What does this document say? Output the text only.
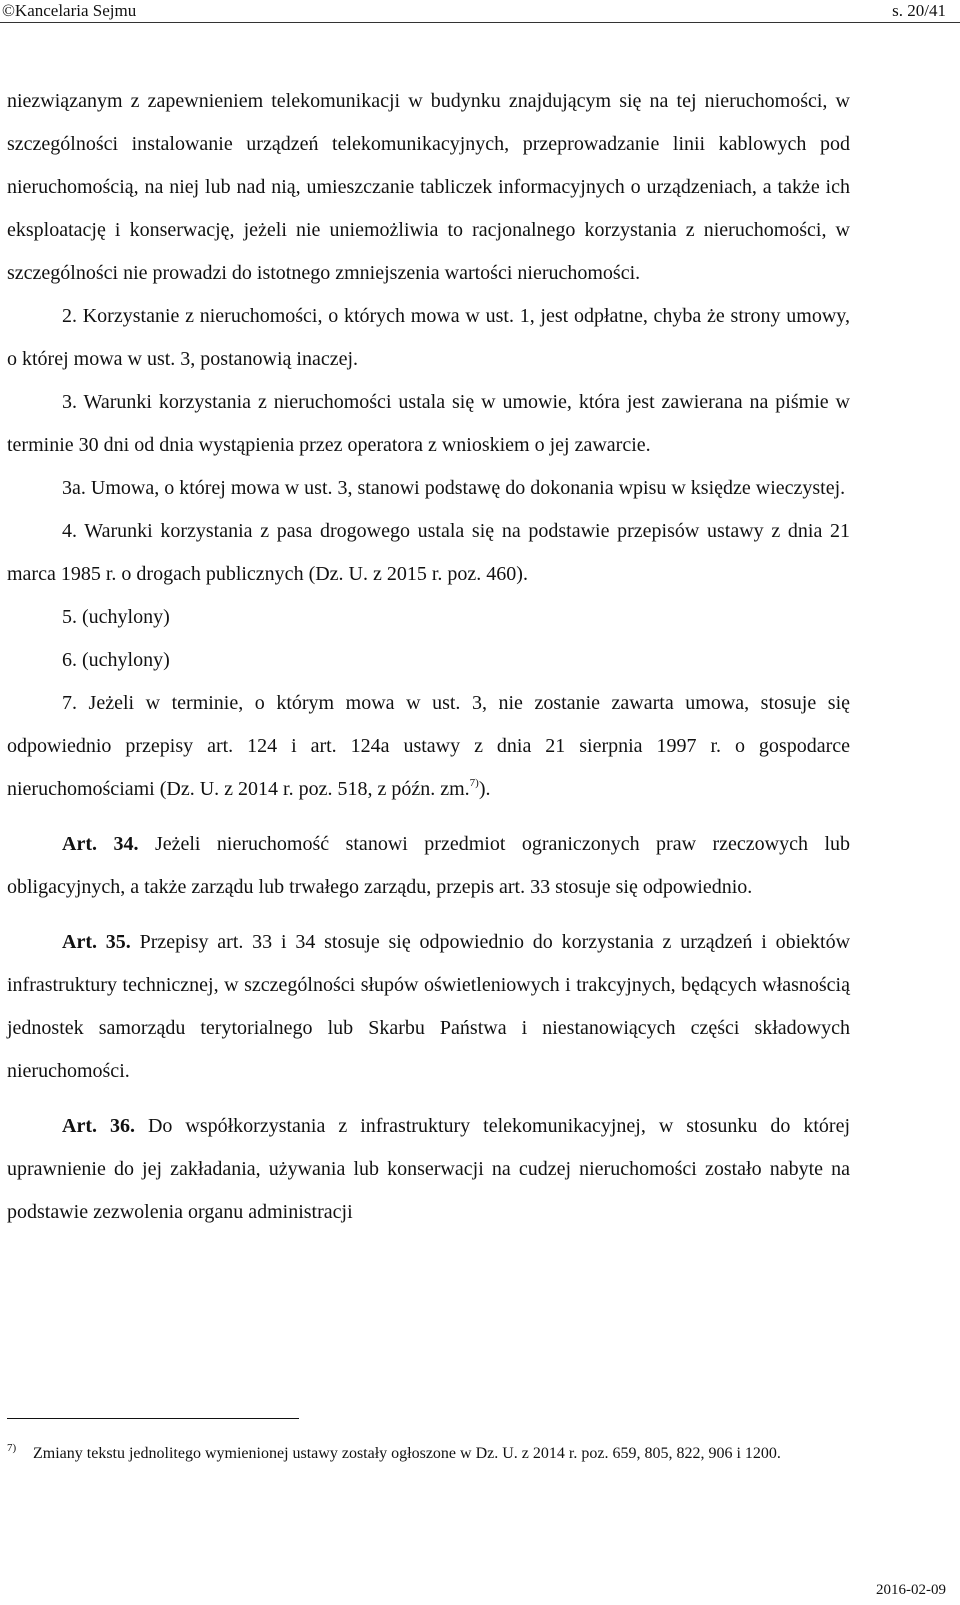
©Kancelaria Sejmu	s. 20/41

niezwiązanym z zapewnieniem telekomunikacji w budynku znajdującym się na tej nieruchomości, w szczególności instalowanie urządzeń telekomunikacyjnych, przeprowadzanie linii kablowych pod nieruchomością, na niej lub nad nią, umieszczanie tabliczek informacyjnych o urządzeniach, a także ich eksploatację i konserwację, jeżeli nie uniemożliwia to racjonalnego korzystania z nieruchomości, w szczególności nie prowadzi do istotnego zmniejszenia wartości nieruchomości.

2. Korzystanie z nieruchomości, o których mowa w ust. 1, jest odpłatne, chyba że strony umowy, o której mowa w ust. 3, postanowią inaczej.

3. Warunki korzystania z nieruchomości ustala się w umowie, która jest zawierana na piśmie w terminie 30 dni od dnia wystąpienia przez operatora z wnioskiem o jej zawarcie.

3a. Umowa, o której mowa w ust. 3, stanowi podstawę do dokonania wpisu w księdze wieczystej.

4. Warunki korzystania z pasa drogowego ustala się na podstawie przepisów ustawy z dnia 21 marca 1985 r. o drogach publicznych (Dz. U. z 2015 r. poz. 460).

5. (uchylony)

6. (uchylony)

7. Jeżeli w terminie, o którym mowa w ust. 3, nie zostanie zawarta umowa, stosuje się odpowiednio przepisy art. 124 i art. 124a ustawy z dnia 21 sierpnia 1997 r. o gospodarce nieruchomościami (Dz. U. z 2014 r. poz. 518, z późn. zm.$^{7)}$).

Art. 34. Jeżeli nieruchomość stanowi przedmiot ograniczonych praw rzeczowych lub obligacyjnych, a także zarządu lub trwałego zarządu, przepis art. 33 stosuje się odpowiednio.

Art. 35. Przepisy art. 33 i 34 stosuje się odpowiednio do korzystania z urządzeń i obiektów infrastruktury technicznej, w szczególności słupów oświetleniowych i trakcyjnych, będących własnością jednostek samorządu terytorialnego lub Skarbu Państwa i niestanowiących części składowych nieruchomości.

Art. 36. Do współkorzystania z infrastruktury telekomunikacyjnej, w stosunku do której uprawnienie do jej zakładania, używania lub konserwacji na cudzej nieruchomości zostało nabyte na podstawie zezwolenia organu administracji

7) Zmiany tekstu jednolitego wymienionej ustawy zostały ogłoszone w Dz. U. z 2014 r. poz. 659, 805, 822, 906 i 1200.
2016-02-09
